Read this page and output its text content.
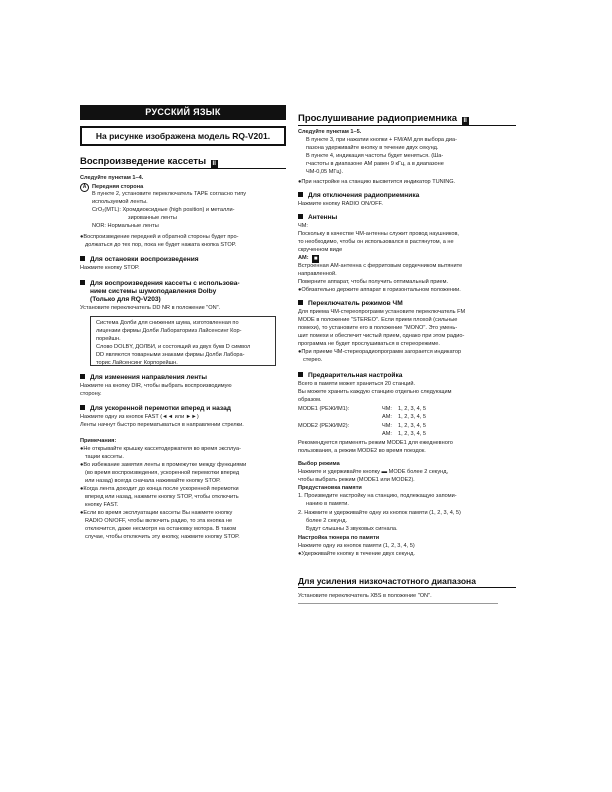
РУССКИЙ ЯЗЫК
На рисунке изображена модель RQ-V201.
Воспроизведение кассеты II
Следуйте пунктам 1–4.
A Передняя сторона
В пункте 2, установите переключатель TAPE согласно типу
используемой ленты.
CrO₂(MTL): Хромдиоксидные (high position) и металли-
зированные ленты
NOR: Нормальные ленты
●Воспроизведение передней и обратной стороны будет про-
должаться до тех пор, пока не будет нажата кнопка STOP.
Для остановки воспроизведения
Нажмите кнопку STOP.
Для воспроизведения кассеты с использова-
нием системы шумоподавления Dolby
(Только для RQ-V203)
Установите переключатель DD NR в положение "ON".
Система Долби для снижения шума, изготовленная по
лицензии фирмы Долби Лабораторииз Лайсенсинг Кор-
порейшн.
Слово DOLBY, ДОЛБИ, и состоящий из двух букв D символ
DD являются товарными знаками фирмы Долби Лаборa-
торис Лайсенсинг Корпорейшн.
Для изменения направления ленты
Нажмите на кнопку DIR, чтобы выбрать воспроизводимую
сторону.
Для ускоренной перемотки вперед и назад
Нажмите одну из кнопок FAST (◄◄ или ►►)
Ленты начнут быстро перематываться в направлении стрелки.
Примечания:
●Не открывайте крышку кассетодержателя во время эксплуа-
тации кассеты.
●Во избежание замятия ленты в промежутке между функциями
(во время воспроизведения, ускоренной перемотки вперед
или назад) всегда сначала нажимайте кнопку STOP.
●Когда лента доходит до конца после ускоренной перемотки
вперед или назад, нажмите кнопку STOP, чтобы отключить
кнопку FAST.
●Если во время эксплуатации кассеты Вы нажмете кнопку
RADIO ON/OFF, чтобы включить радио, то эта кнопка не
отключится, даже несмотря на остановку мотора. В таком
случае, чтобы отключить эту кнопку, нажмите кнопку STOP.
Прослушивание радиоприемника II
Следуйте пунктам 1–5.
В пункте 3, при нажатии кнопки + FM/AM для выбора диа-
пазона удерживайте кнопку в течение двух секунд.
В пункте 4, индикация частоты будет меняться. (Ша-
гчастоты в диапазоне AM равен 9 кГц, а в диапазоне
ЧМ-0,05 МГц).
●При настройке на станцию высветится индикатор TUNING.
Для отключения радиоприемника
Нажмите кнопку RADIO ON/OFF.
Антенны
ЧМ:
Поскольку в качестве ЧМ-антенны служит провод наушников,
то необходимо, чтобы он использовался в растянутом, а не
скрученном виде
AM: ■
Встроенная AM-антенна с ферритовым сердечником вытяните
направленной.
Поверните аппарат, чтобы получить оптимальный прием.
●Обязательно держите аппарат в горизонтальном положении.
Переключатель режимов ЧМ
Для приема ЧМ-стереопрограмм установите переключатель FM
MODE в положение "STEREO". Если прием плохой (сильные
помехи), то установите его в положение "MONO". Это умень-
шит помехи и обеспечит чистый прием, однако при этом радио-
программа не будет прослушиваться в стереорежиме.
●При приеме ЧМ-стереорадиопрограмм загорается индикатор
стерео.
Предварительная настройка
Всего в памяти может храниться 20 станций.
Вы можете хранить каждую станцию отдельно следующим
образом.
MODE1 (РЕЖИМ1):	ЧМ: 1, 2, 3, 4, 5
AM: 1, 2, 3, 4, 5
MODE2 (РЕЖИМ2):	ЧМ: 1, 2, 3, 4, 5
AM: 1, 2, 3, 4, 5
Рекомендуется применять режим MODE1 для ежедневного
пользования, а режим MODE2 во время поездок.
Выбор режима
Нажмите и удерживайте кнопку ▬ MODE более 2 секунд,
чтобы выбрать режим (MODE1 или MODE2).
Предустановка памяти
1. Произведите настройку на станцию, подлежащую запоми-
нанию в памяти.
2. Нажмите и удерживайте одну из кнопок памяти (1, 2, 3, 4, 5)
более 2 секунд.
Будут слышны 3 звуковых сигнала.
Настройка тюнера по памяти
Нажмите одну из кнопок памяти (1, 2, 3, 4, 5)
●Удерживайте кнопку в течение двух секунд.
Для усиления низкочастотного диапазона
Установите переключатель XBS в положение "ON".
